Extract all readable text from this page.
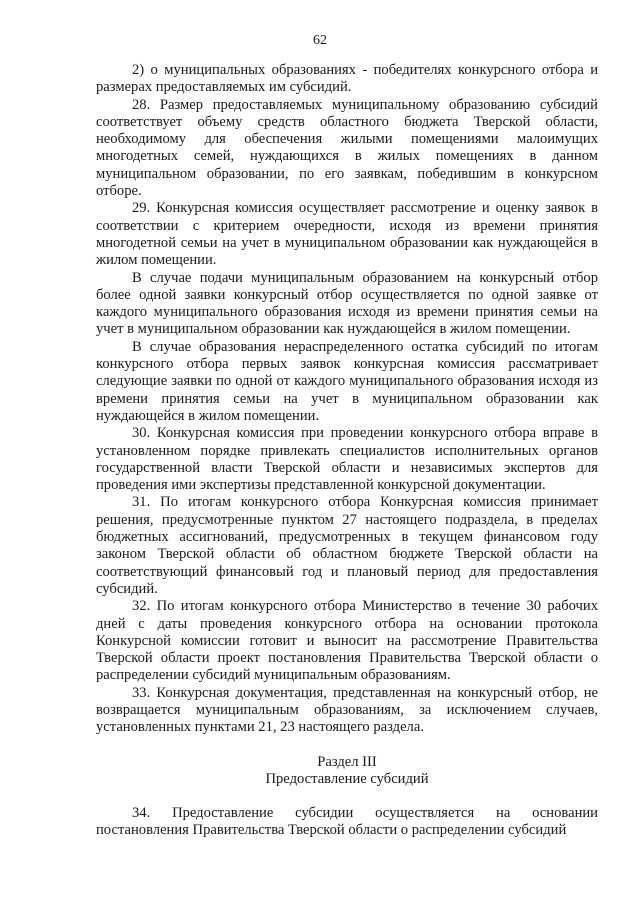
62

2) о муниципальных образованиях - победителях конкурсного отбора и размерах предоставляемых им субсидий.

28. Размер предоставляемых муниципальному образованию субсидий соответствует объему средств областного бюджета Тверской области, необходимому для обеспечения жилыми помещениями малоимущих многодетных семей, нуждающихся в жилых помещениях в данном муниципальном образовании, по его заявкам, победившим в конкурсном отборе.

29. Конкурсная комиссия осуществляет рассмотрение и оценку заявок в соответствии с критерием очередности, исходя из времени принятия многодетной семьи на учет в муниципальном образовании как нуждающейся в жилом помещении.

В случае подачи муниципальным образованием на конкурсный отбор более одной заявки конкурсный отбор осуществляется по одной заявке от каждого муниципального образования исходя из времени принятия семьи на учет в муниципальном образовании как нуждающейся в жилом помещении.

В случае образования нераспределенного остатка субсидий по итогам конкурсного отбора первых заявок конкурсная комиссия рассматривает следующие заявки по одной от каждого муниципального образования исходя из времени принятия семьи на учет в муниципальном образовании как нуждающейся в жилом помещении.

30. Конкурсная комиссия при проведении конкурсного отбора вправе в установленном порядке привлекать специалистов исполнительных органов государственной власти Тверской области и независимых экспертов для проведения ими экспертизы представленной конкурсной документации.

31. По итогам конкурсного отбора Конкурсная комиссия принимает решения, предусмотренные пунктом 27 настоящего подраздела, в пределах бюджетных ассигнований, предусмотренных в текущем финансовом году законом Тверской области об областном бюджете Тверской области на соответствующий финансовый год и плановый период для предоставления субсидий.

32. По итогам конкурсного отбора Министерство в течение 30 рабочих дней с даты проведения конкурсного отбора на основании протокола Конкурсной комиссии готовит и выносит на рассмотрение Правительства Тверской области проект постановления Правительства Тверской области о распределении субсидий муниципальным образованиям.

33. Конкурсная документация, представленная на конкурсный отбор, не возвращается муниципальным образованиям, за исключением случаев, установленных пунктами 21, 23 настоящего раздела.

Раздел III

Предоставление субсидий

34. Предоставление субсидии осуществляется на основании постановления Правительства Тверской области о распределении субсидий
